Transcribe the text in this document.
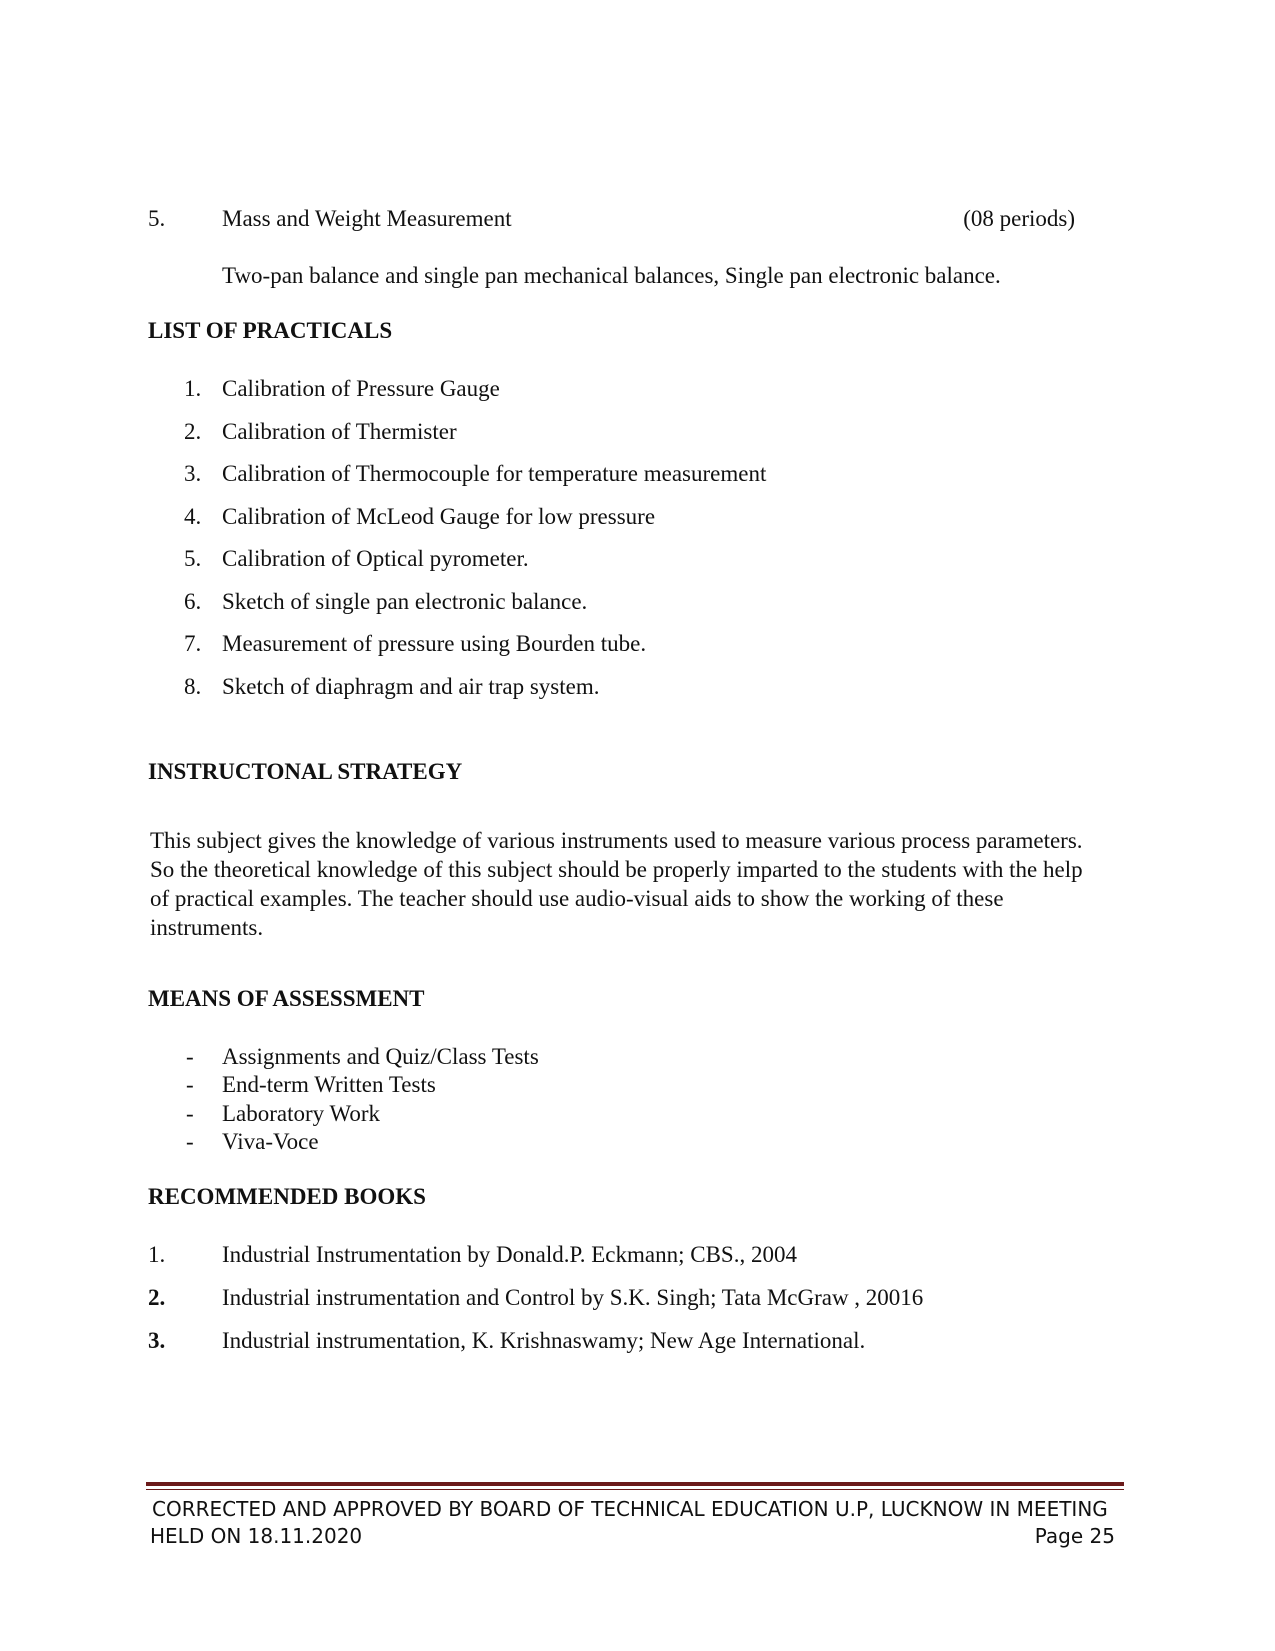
5. Mass and Weight Measurement	(08 periods)
Two-pan balance and single pan mechanical balances, Single pan electronic balance.
LIST OF PRACTICALS
1. Calibration of Pressure Gauge
2. Calibration of Thermister
3. Calibration of Thermocouple for temperature measurement
4. Calibration of McLeod Gauge for low pressure
5. Calibration of Optical pyrometer.
6. Sketch of single pan electronic balance.
7. Measurement of pressure using Bourden tube.
8. Sketch of diaphragm and air trap system.
INSTRUCTONAL STRATEGY
This subject gives the knowledge of various instruments used to measure various process parameters. So the theoretical knowledge of this subject should be properly imparted to the students with the help of practical examples. The teacher should use audio-visual aids to show the working of these instruments.
MEANS OF ASSESSMENT
- Assignments and Quiz/Class Tests
- End-term Written Tests
- Laboratory Work
- Viva-Voce
RECOMMENDED BOOKS
1. Industrial Instrumentation by Donald.P. Eckmann; CBS., 2004
2. Industrial instrumentation and Control by S.K. Singh; Tata McGraw , 20016
3. Industrial instrumentation, K. Krishnaswamy; New Age International.
CORRECTED AND APPROVED BY BOARD OF TECHNICAL EDUCATION U.P, LUCKNOW IN MEETING
HELD ON 18.11.2020	Page 25
